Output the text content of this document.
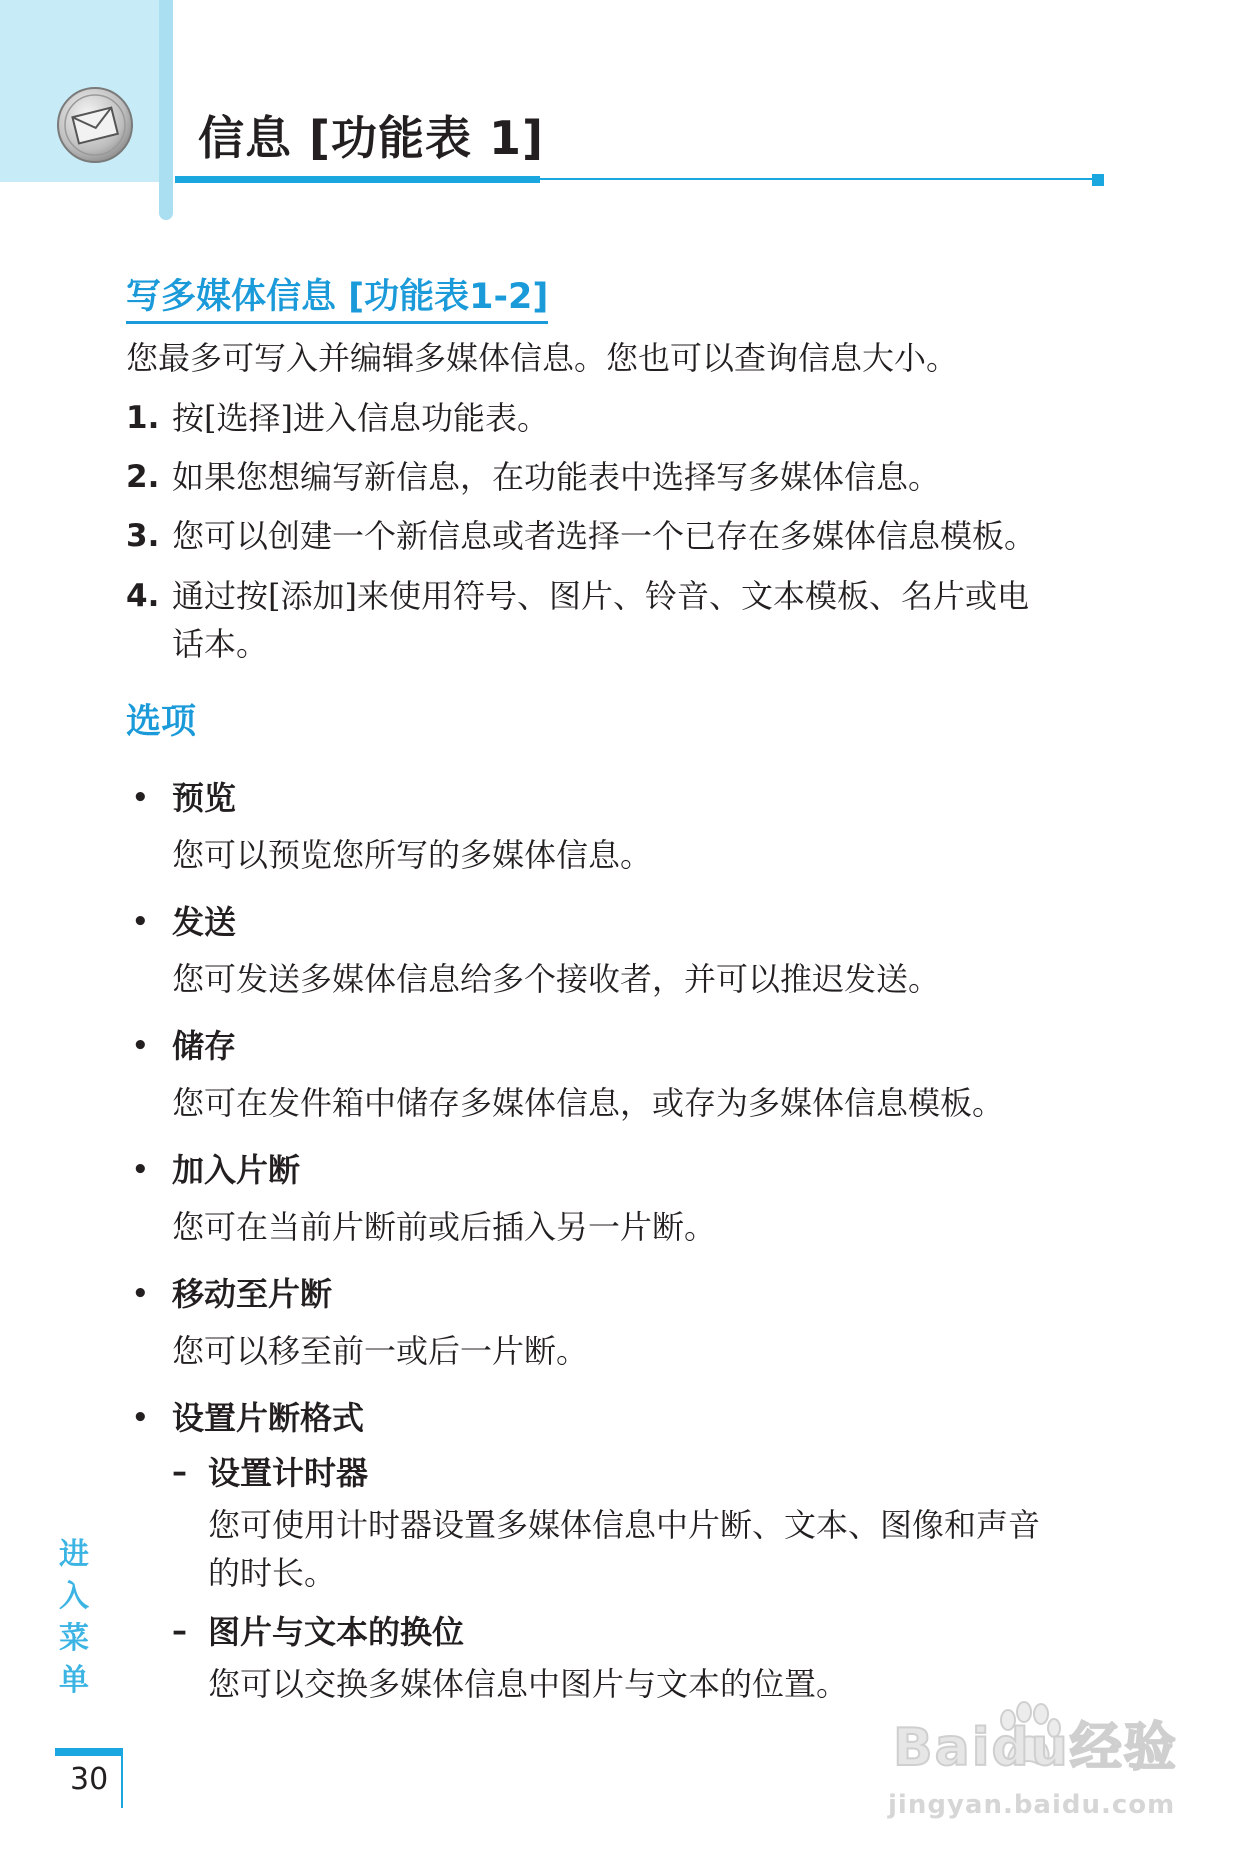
信息 [功能表 1]
写多媒体信息 [功能表1-2]
您最多可写入并编辑多媒体信息。您也可以查询信息大小。
1. 按[选择]进入信息功能表。
2. 如果您想编写新信息，在功能表中选择写多媒体信息。
3. 您可以创建一个新信息或者选择一个已存在多媒体信息模板。
4. 通过按[添加]来使用符号、图片、铃音、文本模板、名片或电
话本。
选项
• 预览
您可以预览您所写的多媒体信息。
• 发送
您可发送多媒体信息给多个接收者，并可以推迟发送。
• 储存
您可在发件箱中储存多媒体信息，或存为多媒体信息模板。
• 加入片断
您可在当前片断前或后插入另一片断。
• 移动至片断
您可以移至前一或后一片断。
• 设置片断格式
– 设置计时器
您可使用计时器设置多媒体信息中片断、文本、图像和声音
的时长。
– 图片与文本的换位
您可以交换多媒体信息中图片与文本的位置。
进
入
菜
单
30
Baidu经验
jingyan.baidu.com
